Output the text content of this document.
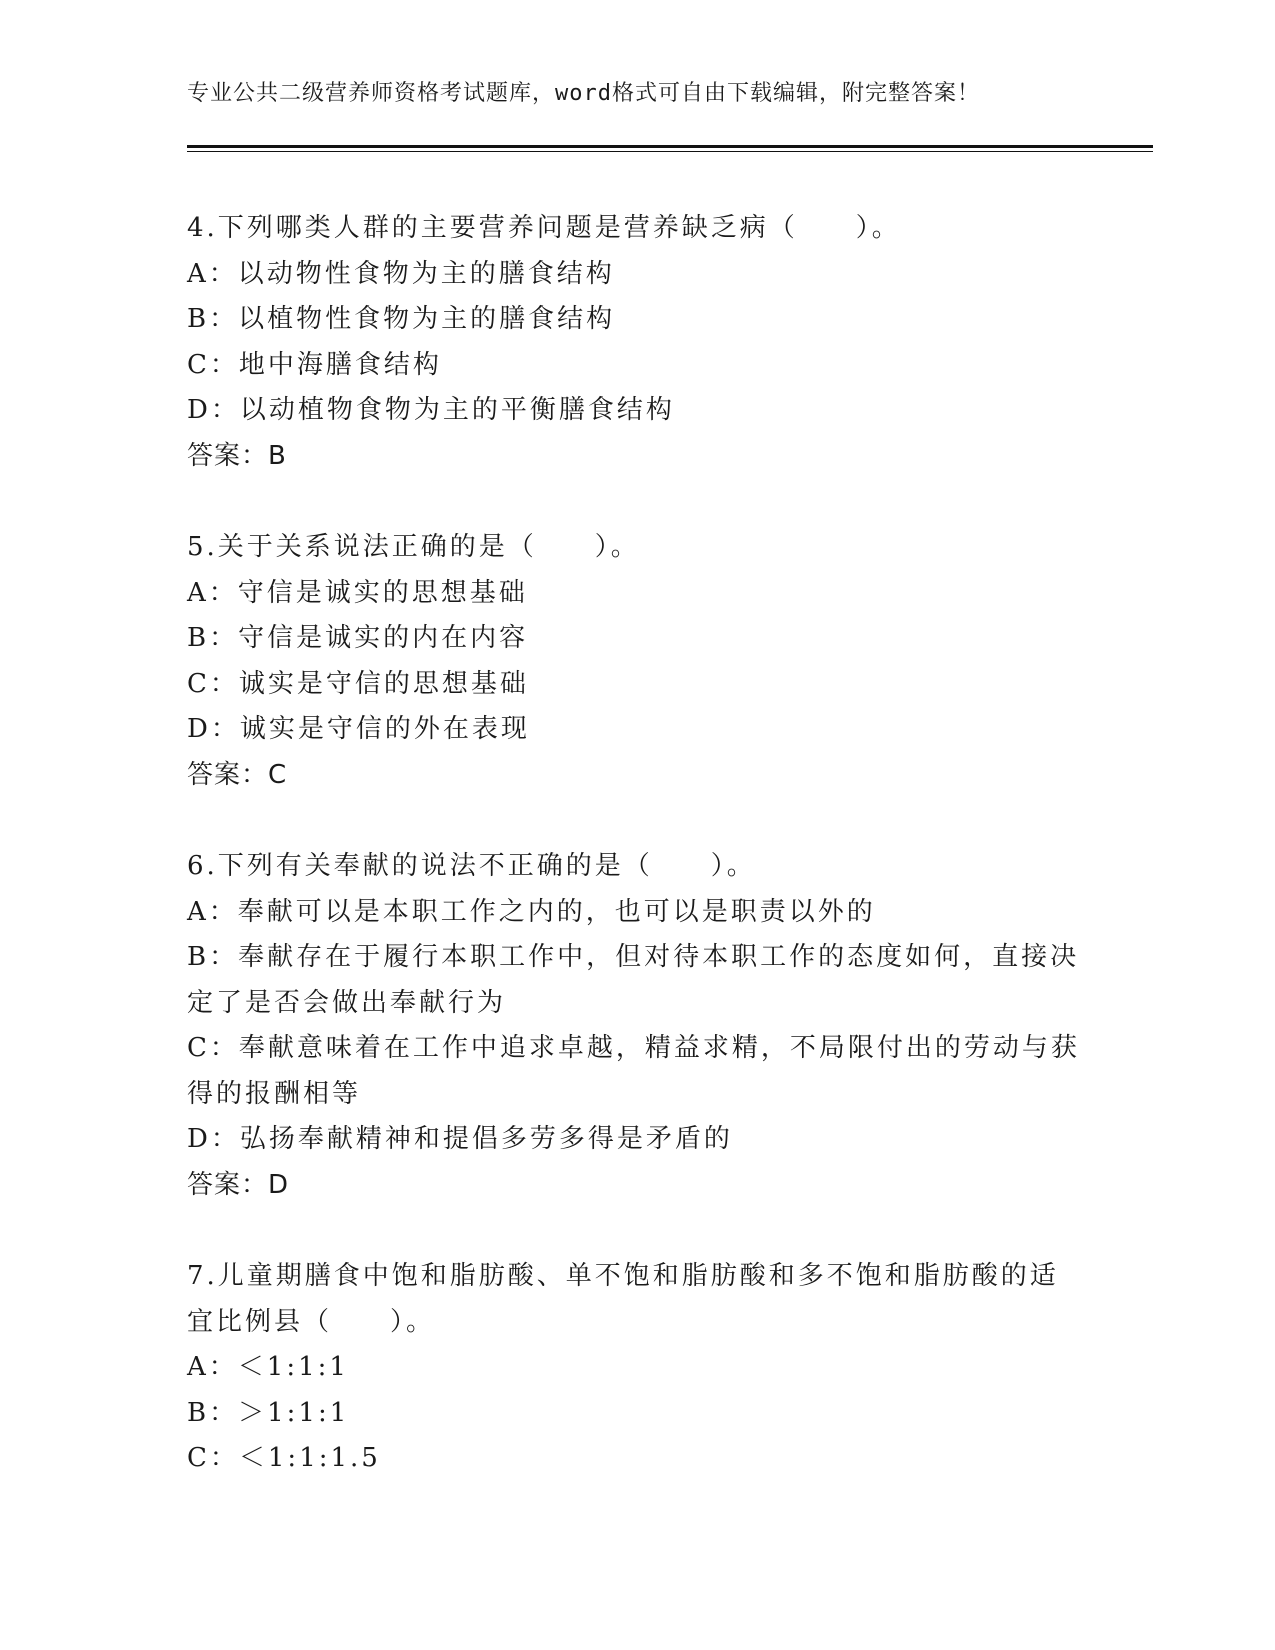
专业公共二级营养师资格考试题库，word格式可自由下载编辑，附完整答案！
4.下列哪类人群的主要营养问题是营养缺乏病（　　）。
A：以动物性食物为主的膳食结构
B：以植物性食物为主的膳食结构
C：地中海膳食结构
D：以动植物食物为主的平衡膳食结构
答案：B
5.关于关系说法正确的是（　　）。
A：守信是诚实的思想基础
B：守信是诚实的内在内容
C：诚实是守信的思想基础
D：诚实是守信的外在表现
答案：C
6.下列有关奉献的说法不正确的是（　　）。
A：奉献可以是本职工作之内的，也可以是职责以外的
B：奉献存在于履行本职工作中，但对待本职工作的态度如何，直接决定了是否会做出奉献行为
C：奉献意味着在工作中追求卓越，精益求精，不局限付出的劳动与获得的报酬相等
D：弘扬奉献精神和提倡多劳多得是矛盾的
答案：D
7.儿童期膳食中饱和脂肪酸、单不饱和脂肪酸和多不饱和脂肪酸的适宜比例县（　　）。
A：＜1:1:1
B：＞1:1:1
C：＜1:1:1.5
